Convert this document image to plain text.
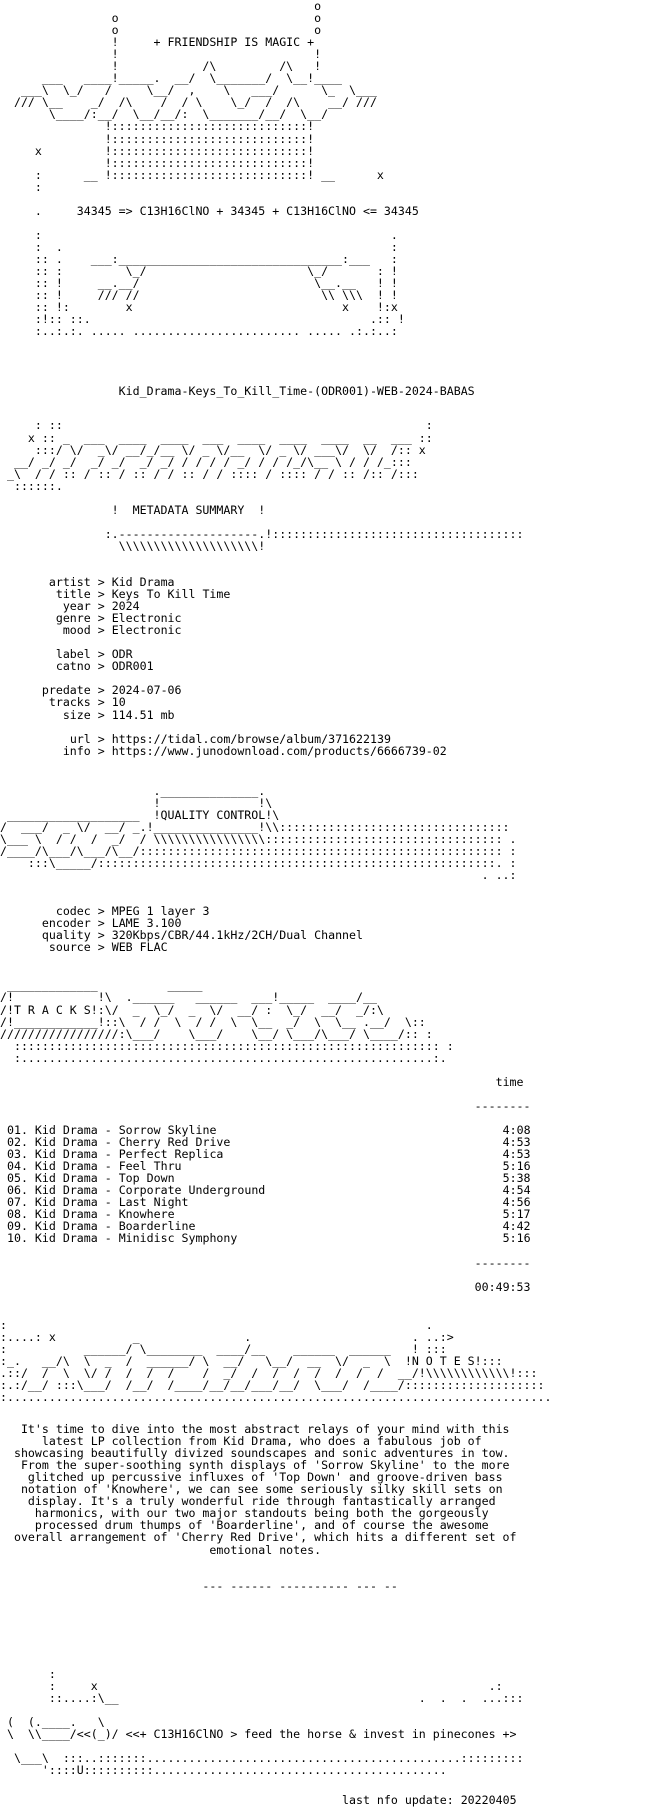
o
o                            o
o                            o
!     + FRIENDSHIP IS MAGIC +
!                            !
!            /\         /\   !
___   ____!_____.  __/  \_______/  \__!____
___\  \_/   /     \__/  ,    \   ___/      \_  \___
/// \__    _/  /\    /  / \    \_/  /  /\    __/ ///
\____/:__/  \__/__/:  \_______/__/  \__/
!::::::::::::::::::::::::::::!
!::::::::::::::::::::::::::::!
x         !::::::::::::::::::::::::::::!
!::::::::::::::::::::::::::::!
:      __ !::::::::::::::::::::::::::::! __      x
:

.     34345 => C13H16ClNO + 34345 + C13H16ClNO <= 34345

:                                                  .
:  .                                               :
:: .    ___:________________________________:___   :
:: :         \_/                       \_/       : !
:: !     __.__/                         \__.__   ! !
:: !     /// //                          \\ \\\  ! !
:: !:        x                              x    !:x
:!:: ::.                                        .:: !
:..:.:. ..... ........................ ..... .:.:..:

Kid_Drama-Keys_To_Kill_Time-(ODR001)-WEB-2024-BABAS

: ::                                                    :
x :: _  ___  ____  ____  ___  ____  ____  ____  __  ___ ::
:::/ \/  _\/ __/_/__ \/ _ \/__  \/ _ \/ ___\/  \/  /:: x
__/ _/ _/  _/ _/  _/ _/ / / / / _/ / / /_/\__ \ / / /_:::
_\  / / :: / :: / :: / / :: / / :::: / :::: / / :: /:: /:::
::::::.

!  METADATA SUMMARY  !

:.--------------------.!::::::::::::::::::::::::::::::::::::
\\\\\\\\\\\\\\\\\\\\!

artist > Kid Drama
title > Keys To Kill Time
year > 2024
genre > Electronic
mood > Electronic

label > ODR
catno > ODR001

predate > 2024-07-06
tracks > 10
size > 114.51 mb

url > https://tidal.com/browse/album/371622139
info > https://www.junodownload.com/products/6666739-02

.______________.
!              !\
___________________  !QUALITY CONTROL!\
/  ___/  _ \/  __/ _.!_______________!\\:::::::::::::::::::::::::::::::::
\___ \  / /  /  _/  / \\\\\\\\\\\\\\\\:::::::::::::::::::::::::::::::::: .
/____/\___/\___/\__/:::::::::::::::::::::::::::::::::::::::::::::::::::: :
:::\_____/:::::::::::::::::::::::::::::::::::::::::::::::::::::::::. :
. ..:

codec > MPEG 1 layer 3
encoder > LAME 3.100
quality > 320Kbps/CBR/44.1kHz/2CH/Dual Channel
source > WEB FLAC

_____________          _____
/!            !\  .______   ______  ___!_____  ____/__
/!T R A C K S!:\/  _  \_/  _  \/  __/ :  \_/  __/  _/:\
/!____________!::\  / /  \  / /  \  \__  _/  \  \__ .__/  \::
/////////////////:\___/    \___/    \__/ \___/\___/ \____/:: :
::::::::::::::::::::::::::::::::::::::::::::::::::::::::::::: :
:...........................................................:.

time

--------

01. Kid Drama - Sorrow Skyline	4:08
02. Kid Drama - Cherry Red Drive	4:53
03. Kid Drama - Perfect Replica	4:53
04. Kid Drama - Feel Thru	5:16
05. Kid Drama - Top Down	5:38
06. Kid Drama - Corporate Underground	4:54
07. Kid Drama - Last Night	4:56
08. Kid Drama - Knowhere	5:17
09. Kid Drama - Boarderline	4:42
10. Kid Drama - Minidisc Symphony	5:16

--------

00:49:53

:                                                            .
:....: x           _               .                       . ..:>
:           ______/ \________  ____/__    ______  ______   ! :::
:_.   __/\  \  _  /  ______/ \  __/   \__/  __  \/  _  \  !N O T E S!:::
.::/  /  \  \/ /  /  /  /    /  _/  /  /  /  /  /  /  /  __/!\\\\\\\\\\\\!:::
:.:/__/ :::\___/  /__/  /____/__/__/___/__/  \___/  /____/::::::::::::::::::::
:..............................................................................

It's time to dive into the most abstract relays of your mind with this
latest LP collection from Kid Drama, who does a fabulous job of
showcasing beautifully divized soundscapes and sonic adventures in tow.
From the super-soothing synth displays of 'Sorrow Skyline' to the more
glitched up percussive influxes of 'Top Down' and groove-driven bass
notation of 'Knowhere', we can see some seriously silky skill sets on
display. It's a truly wonderful ride through fantastically arranged
harmonics, with our two major standouts being both the gorgeously
processed drum thumps of 'Boarderline', and of course the awesome
overall arrangement of 'Cherry Red Drive', which hits a different set of
emotional notes.

--- ------ ---------- --- --

:
:     x                                                        .:
::....:\__                                           .  .  .  ...:::

(  (.____.   \
\  \\____/<<(_)/ <<+ C13H16ClNO > feed the horse & invest in pinecones +>

\___\  :::..:::::::.............................................:::::::::
'::::U::::::::::..........................................

last nfo update: 20220405
